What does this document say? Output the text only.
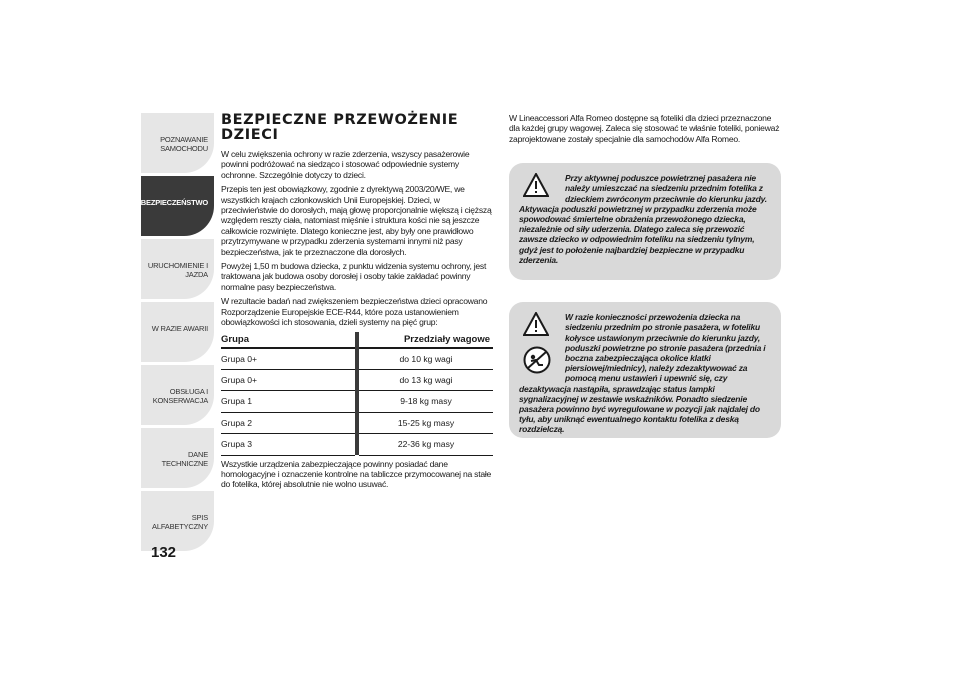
POZNAWANIE
SAMOCHODU
BEZPIECZEŃSTWO
URUCHOMIENIE I
JAZDA
W RAZIE AWARII
OBSŁUGA I
KONSERWACJA
DANE TECHNICZNE
SPIS ALFABETYCZNY
132
BEZPIECZNE PRZEWOŻENIE DZIECI

W celu zwiększenia ochrony w razie zderzenia, wszyscy pasażerowie powinni podróżować na siedząco i stosować odpowiednie systemy ochronne. Szczególnie dotyczy to dzieci.

Przepis ten jest obowiązkowy, zgodnie z dyrektywą 2003/20/WE, we wszystkich krajach członkowskich Unii Europejskiej. Dzieci, w przeciwieństwie do dorosłych, mają głowę proporcjonalnie większą i cięższą względem reszty ciała, natomiast mięśnie i struktura kości nie są jeszcze całkowicie rozwinięte. Dlatego konieczne jest, aby były one prawidłowo przytrzymywane w przypadku zderzenia systemami innymi niż pasy bezpieczeństwa, jak te przeznaczone dla dorosłych.

Powyżej 1,50 m budowa dziecka, z punktu widzenia systemu ochrony, jest traktowana jak budowa osoby dorosłej i osoby takie zakładać powinny normalne pasy bezpieczeństwa.

W rezultacie badań nad zwiększeniem bezpieczeństwa dzieci opracowano Rozporządzenie Europejskie ECE-R44, które poza ustanowieniem obowiązkowości ich stosowania, dzieli systemy na pięć grup:

Grupa		Przedziały wagowe
Grupa 0+		do 10 kg wagi
Grupa 0+		do 13 kg wagi
Grupa 1		9-18 kg masy
Grupa 2		15-25 kg masy
Grupa 3		22-36 kg masy

Wszystkie urządzenia zabezpieczające powinny posiadać dane homologacyjne i oznaczenie kontrolne na tabliczce przymocowanej na stałe do fotelika, której absolutnie nie wolno usuwać.

W Lineaccessori Alfa Romeo dostępne są foteliki dla dzieci przeznaczone dla każdej grupy wagowej. Zaleca się stosować te właśnie foteliki, ponieważ zaprojektowane zostały specjalnie dla samochodów Alfa Romeo.

Przy aktywnej poduszce powietrznej pasażera nie należy umieszczać na siedzeniu przednim fotelika z dzieckiem zwróconym przeciwnie do kierunku jazdy. Aktywacja poduszki powietrznej w przypadku zderzenia może spowodować śmiertelne obrażenia przewożonego dziecka, niezależnie od siły uderzenia. Dlatego zaleca się przewozić zawsze dziecko w odpowiednim foteliku na siedzeniu tylnym, gdyż jest to położenie najbardziej bezpieczne w przypadku zderzenia.

W razie konieczności przewożenia dziecka na siedzeniu przednim po stronie pasażera, w foteliku kołysce ustawionym przeciwnie do kierunku jazdy, poduszki powietrzne po stronie pasażera (przednia i boczna zabezpieczająca okolice klatki piersiowej/miednicy), należy zdezaktywować za pomocą menu ustawień i upewnić się, czy dezaktywacja nastąpiła, sprawdzając status lampki sygnalizacyjnej w zestawie wskaźników. Ponadto siedzenie pasażera powinno być wyregulowane w pozycji jak najdalej do tyłu, aby uniknąć ewentualnego kontaktu fotelika z deską rozdzielczą.
